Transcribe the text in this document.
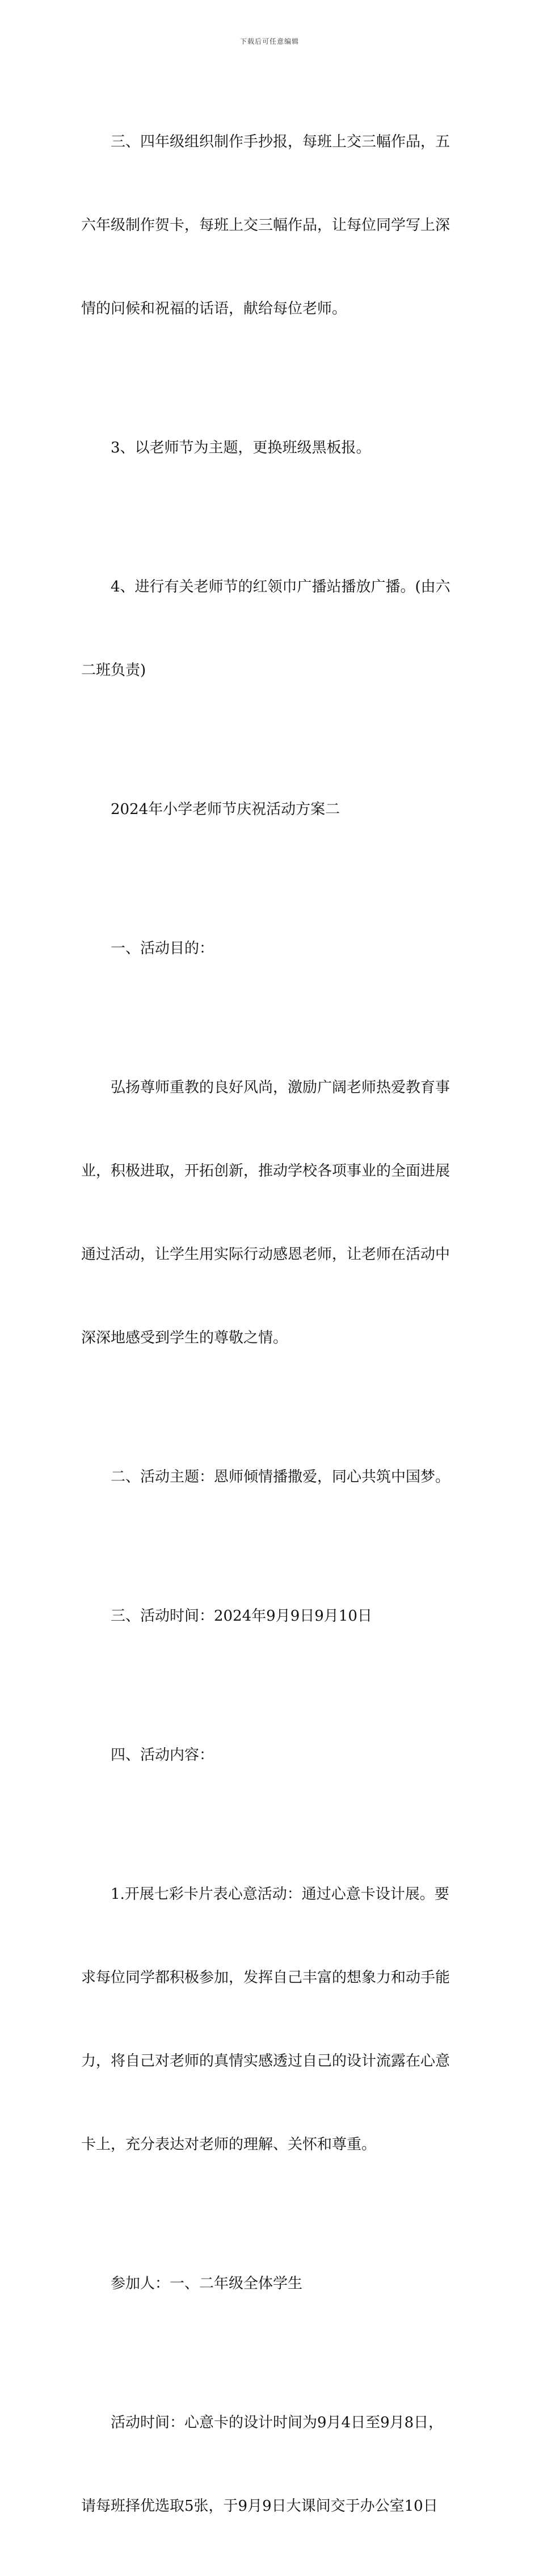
下载后可任意编辑

三、四年级组织制作手抄报，每班上交三幅作品，五

六年级制作贺卡，每班上交三幅作品，让每位同学写上深

情的问候和祝福的话语，献给每位老师。

3、以老师节为主题，更换班级黑板报。

4、进行有关老师节的红领巾广播站播放广播。(由六

二班负责)

2024年小学老师节庆祝活动方案二

一、活动目的：

弘扬尊师重教的良好风尚，激励广阔老师热爱教育事

业，积极进取，开拓创新，推动学校各项事业的全面进展

通过活动，让学生用实际行动感恩老师，让老师在活动中

深深地感受到学生的尊敬之情。

二、活动主题：恩师倾情播撒爱，同心共筑中国梦。

三、活动时间：2024年9月9日9月10日

四、活动内容：

1.开展七彩卡片表心意活动：通过心意卡设计展。要

求每位同学都积极参加，发挥自己丰富的想象力和动手能

力，将自己对老师的真情实感透过自己的设计流露在心意

卡上，充分表达对老师的理解、关怀和尊重。

参加人：一、二年级全体学生

活动时间：心意卡的设计时间为9月4日至9月8日，

请每班择优选取5张，于9月9日大课间交于办公室10日
